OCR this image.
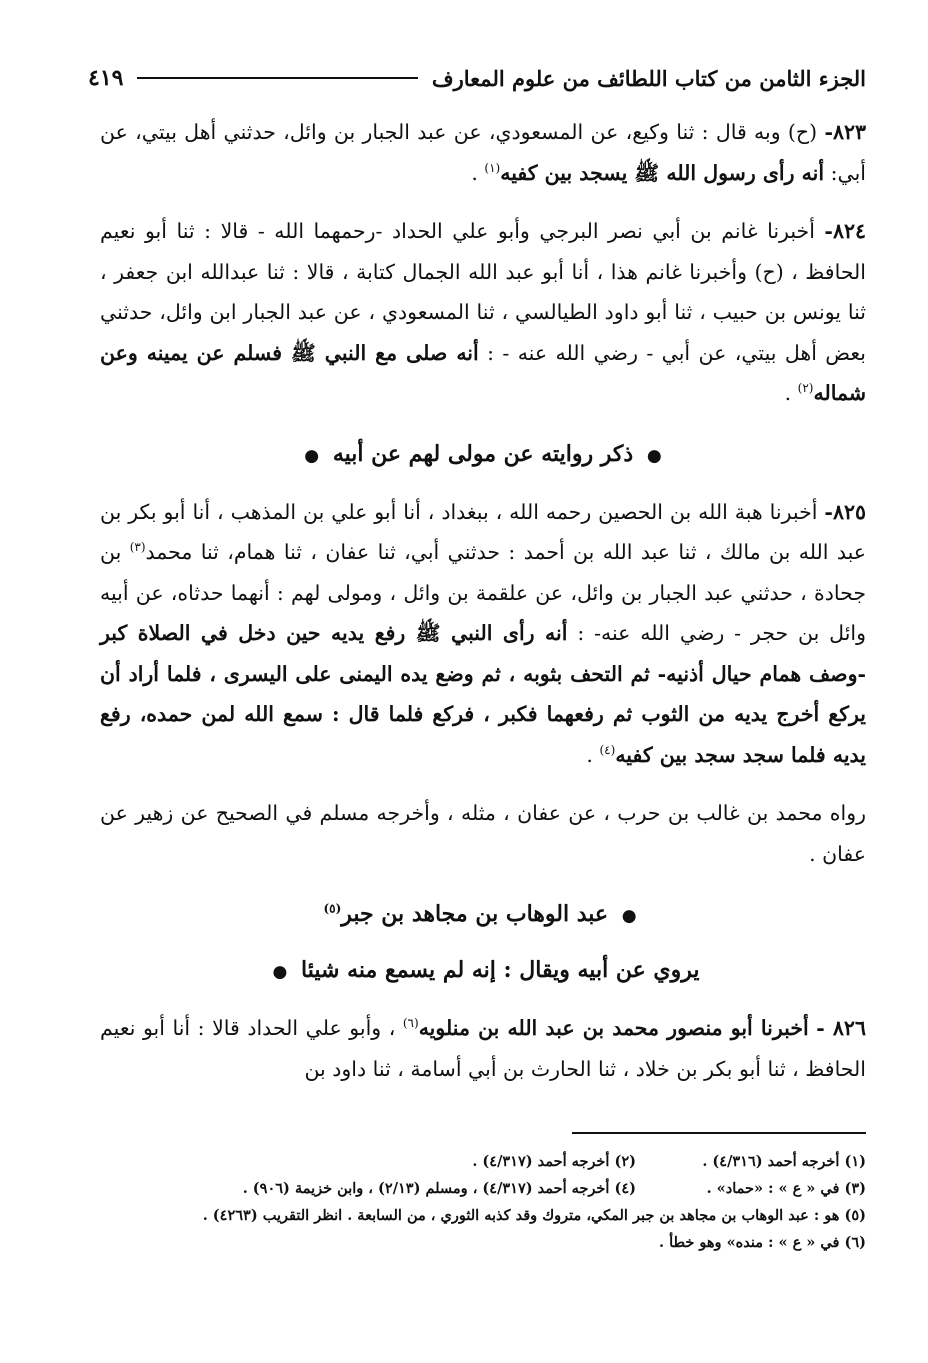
الجزء الثامن من كتاب اللطائف من علوم المعارف
٤١٩

٨٢٣- (ح) وبه قال : ثنا وكيع، عن المسعودي، عن عبد الجبار بن وائل، حدثني أهل بيتي، عن أبي: أنه رأى رسول الله ﷺ يسجد بين كفيه$^{(١)}$ .

٨٢٤- أخبرنا غانم بن أبي نصر البرجي وأبو علي الحداد -رحمهما الله - قالا : ثنا أبو نعيم الحافظ ، (ح) وأخبرنا غانم هذا ، أنا أبو عبد الله الجمال كتابة ، قالا : ثنا عبدالله ابن جعفر ، ثنا يونس بن حبيب ، ثنا أبو داود الطيالسي ، ثنا المسعودي ، عن عبد الجبار ابن وائل، حدثني بعض أهل بيتي، عن أبي - رضي الله عنه - : أنه صلى مع النبي ﷺ فسلم عن يمينه وعن شماله$^{(٢)}$ .

● ذكر روايته عن مولى لهم عن أبيه ●

٨٢٥- أخبرنا هبة الله بن الحصين رحمه الله ، ببغداد ، أنا أبو علي بن المذهب ، أنا أبو بكر بن عبد الله بن مالك ، ثنا عبد الله بن أحمد : حدثني أبي، ثنا عفان ، ثنا همام، ثنا محمد$^{(٣)}$ بن جحادة ، حدثني عبد الجبار بن وائل، عن علقمة بن وائل ، ومولى لهم : أنهما حدثاه، عن أبيه وائل بن حجر - رضي الله عنه- : أنه رأى النبي ﷺ رفع يديه حين دخل في الصلاة كبر -وصف همام حيال أذنيه- ثم التحف بثوبه ، ثم وضع يده اليمنى على اليسرى ، فلما أراد أن يركع أخرج يديه من الثوب ثم رفعهما فكبر ، فركع فلما قال : سمع الله لمن حمده، رفع يديه فلما سجد سجد بين كفيه$^{(٤)}$ .

رواه محمد بن غالب بن حرب ، عن عفان ، مثله ، وأخرجه مسلم في الصحيح عن زهير عن عفان .

● عبد الوهاب بن مجاهد بن جبر$^{(٥)}$
يروي عن أبيه ويقال : إنه لم يسمع منه شيئا ●

٨٢٦ - أخبرنا أبو منصور محمد بن عبد الله بن منلويه$^{(٦)}$ ، وأبو علي الحداد قالا : أنا أبو نعيم الحافظ ، ثنا أبو بكر بن خلاد ، ثنا الحارث بن أبي أسامة ، ثنا داود بن

(١) أخرجه أحمد (٤/٣١٦) .
(٢) أخرجه أحمد (٤/٣١٧) .
(٣) في « ع » : «حماد» .
(٤) أخرجه أحمد (٤/٣١٧) ، ومسلم (٢/١٣) ، وابن خزيمة (٩٠٦) .
(٥) هو : عبد الوهاب بن مجاهد بن جبر المكي، متروك وقد كذبه الثوري ، من السابعة . انظر التقريب (٤٢٦٣) .
(٦) في « ع » : منده» وهو خطأ .
